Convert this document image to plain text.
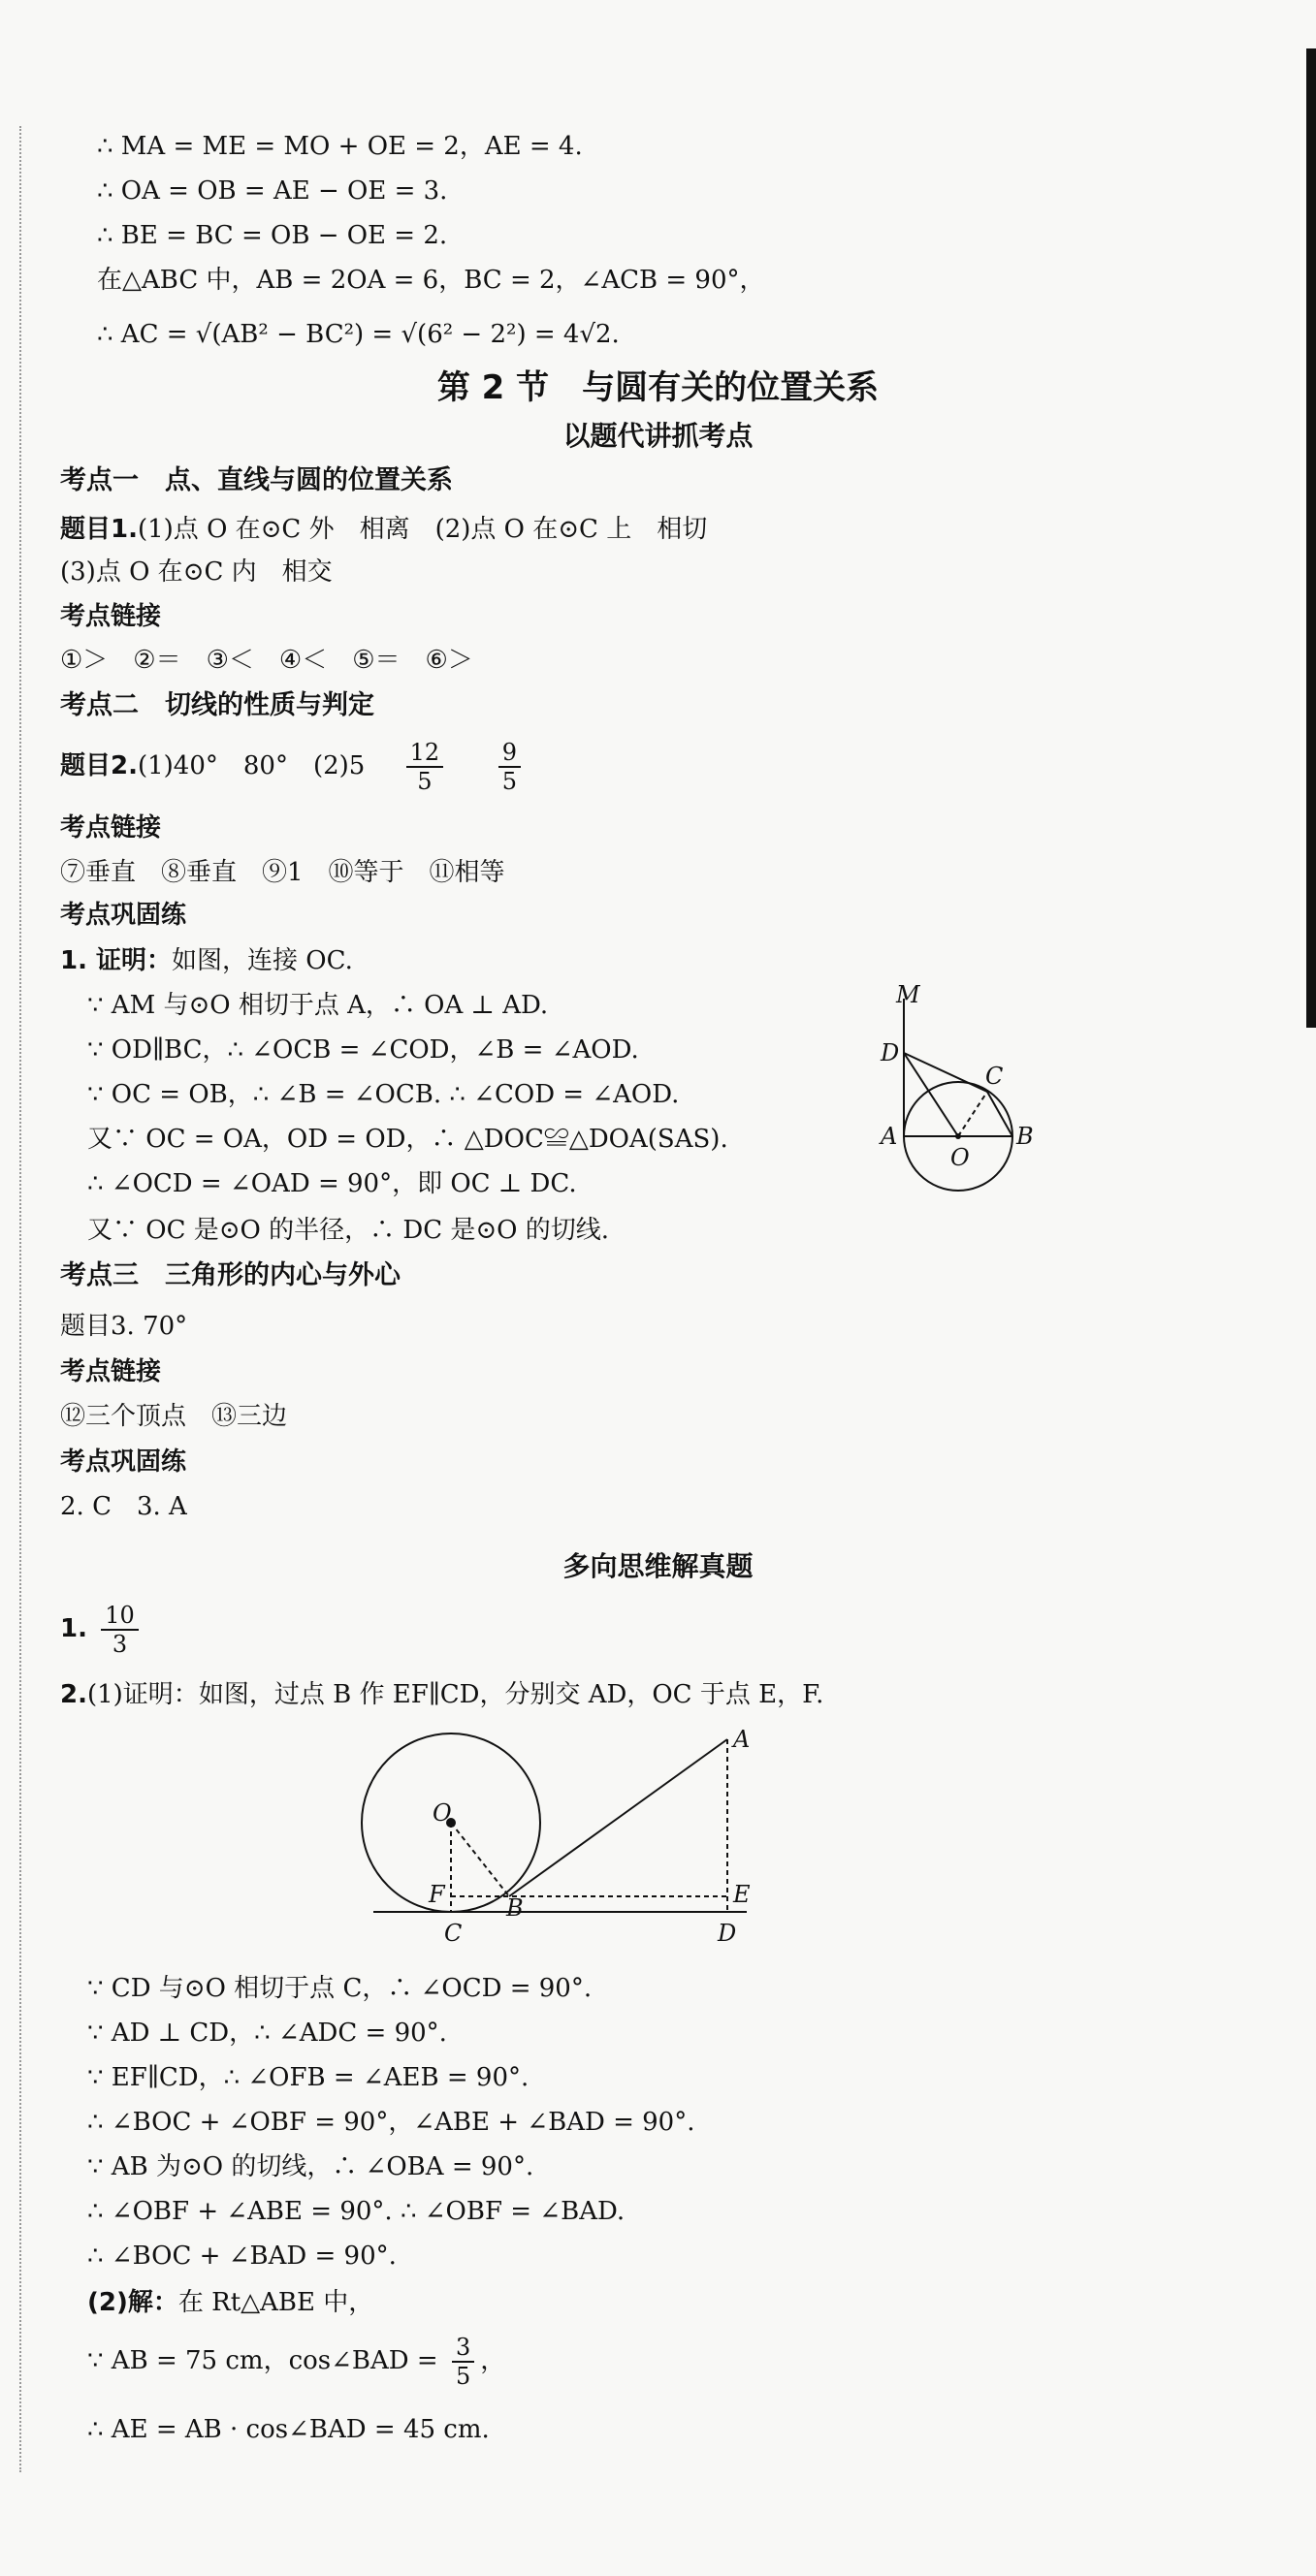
∴ MA = ME = MO + OE = 2，AE = 4.
∴ OA = OB = AE − OE = 3.
∴ BE = BC = OB − OE = 2.
在△ABC 中，AB = 2OA = 6，BC = 2，∠ACB = 90°，
∴ AC = √(AB² − BC²) = √(6² − 2²) = 4√2.
第 2 节　与圆有关的位置关系
以题代讲抓考点
考点一　点、直线与圆的位置关系
题目1.(1)点 O 在⊙C 外　相离　(2)点 O 在⊙C 上　相切
(3)点 O 在⊙C 内　相交
考点链接
①＞　②＝　③＜　④＜　⑤＝　⑥＞
考点二　切线的性质与判定
题目2.(1)40°　80°　$(2)5 \frac{12}{5}$
$\frac{9}{5}$
考点链接
⑦垂直　⑧垂直　⑨1　⑩等于　⑪相等
考点巩固练
1. 证明：如图，连接 OC.
∵ AM 与⊙O 相切于点 A，∴ OA ⊥ AD.
∵ OD∥BC，∴ ∠OCB = ∠COD，∠B = ∠AOD.
∵ OC = OB，∴ ∠B = ∠OCB. ∴ ∠COD = ∠AOD.
又∵ OC = OA，OD = OD，∴ △DOC≌△DOA(SAS).
∴ ∠OCD = ∠OAD = 90°，即 OC ⊥ DC.
又∵ OC 是⊙O 的半径，∴ DC 是⊙O 的切线.
M
D
C
A
O
B
考点三　三角形的内心与外心
题目3. 70°
考点链接
⑫三个顶点　⑬三边
考点巩固练
2. C　3. A
多向思维解真题
1. $\frac{10}{3}$
2.(1)证明：如图，过点 B 作 EF∥CD，分别交 AD，OC 于点 E，F.
A
O
F	B	E
C	D
∵ CD 与⊙O 相切于点 C，∴ ∠OCD = 90°.
∵ AD ⊥ CD，∴ ∠ADC = 90°.
∵ EF∥CD，∴ ∠OFB = ∠AEB = 90°.
∴ ∠BOC + ∠OBF = 90°，∠ABE + ∠BAD = 90°.
∵ AB 为⊙O 的切线，∴ ∠OBA = 90°.
∴ ∠OBF + ∠ABE = 90°. ∴ ∠OBF = ∠BAD.
∴ ∠BOC + ∠BAD = 90°.
(2)解：在 Rt△ABE 中，
∵ AB = 75 cm，cos∠BAD = $\frac{3}{5}$ ，
∴ AE = AB · cos∠BAD = 45 cm.
